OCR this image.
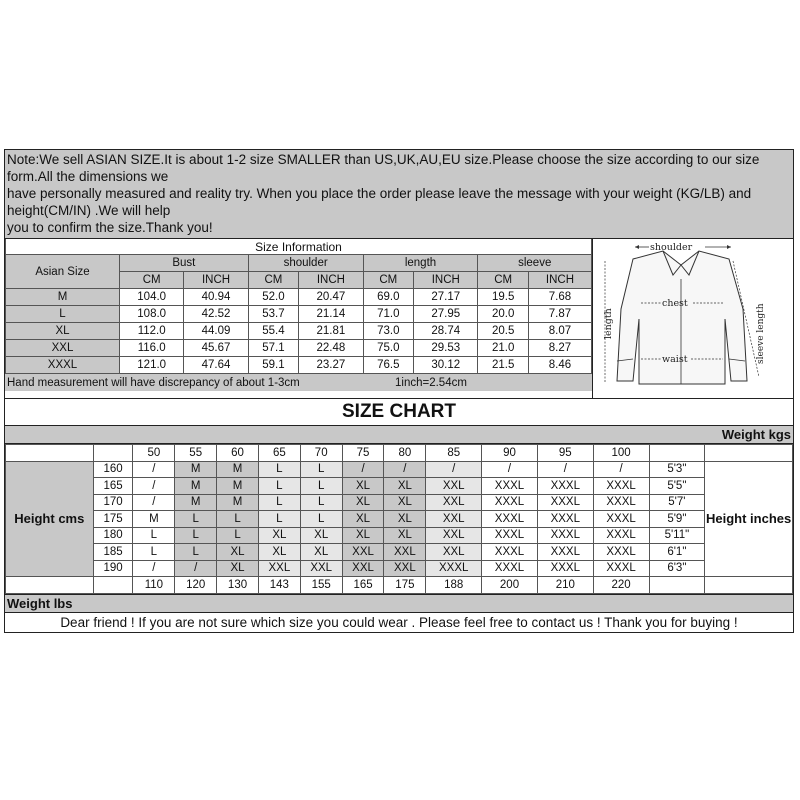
Note:We sell ASIAN SIZE.It is about 1-2 size SMALLER than US,UK,AU,EU size.Please choose the size according to our size
form.All the dimensions we
have personally measured and reality try. When you place the order please leave the message with your weight (KG/LB) and
height(CM/IN) .We will help
you to confirm the size.Thank you!
Size Information								
Asian Size	Bust		shoulder		length		sleeve	
	CM	INCH	CM	INCH	CM	INCH	CM	INCH
M	104.0	40.94	52.0	20.47	69.0	27.17	19.5	7.68
L	108.0	42.52	53.7	21.14	71.0	27.95	20.0	7.87
XL	112.0	44.09	55.4	21.81	73.0	28.74	20.5	8.07
XXL	116.0	45.67	57.1	22.48	75.0	29.53	21.0	8.27
XXXL	121.0	47.64	59.1	23.27	76.5	30.12	21.5	8.46
Hand measurement will have discrepancy of about 1-3cm	1inch=2.54cm
shoulder
chest
waist
length	sleeve length
SIZE CHART
Weight kgs
		50	55	60	65	70	75	80	85	90	95	100		
Height cms	160	/	M	M	L	L	/	/	/	/	/	/	5'3"	Height inches
	165	/	M	M	L	L	XL	XL	XXL	XXXL	XXXL	XXXL	5'5"	
	170	/	M	M	L	L	XL	XL	XXL	XXXL	XXXL	XXXL	5'7'	
	175	M	L	L	L	L	XL	XL	XXL	XXXL	XXXL	XXXL	5'9"	
	180	L	L	L	XL	XL	XL	XL	XXL	XXXL	XXXL	XXXL	5'11"	
	185	L	L	XL	XL	XL	XXL	XXL	XXL	XXXL	XXXL	XXXL	6'1"	
	190	/	/	XL	XXL	XXL	XXL	XXL	XXXL	XXXL	XXXL	XXXL	6'3"	
		110	120	130	143	155	165	175	188	200	210	220		
Weight lbs
Dear friend ! If you are not sure which size you could wear . Please feel free to contact us ! Thank you for buying !
